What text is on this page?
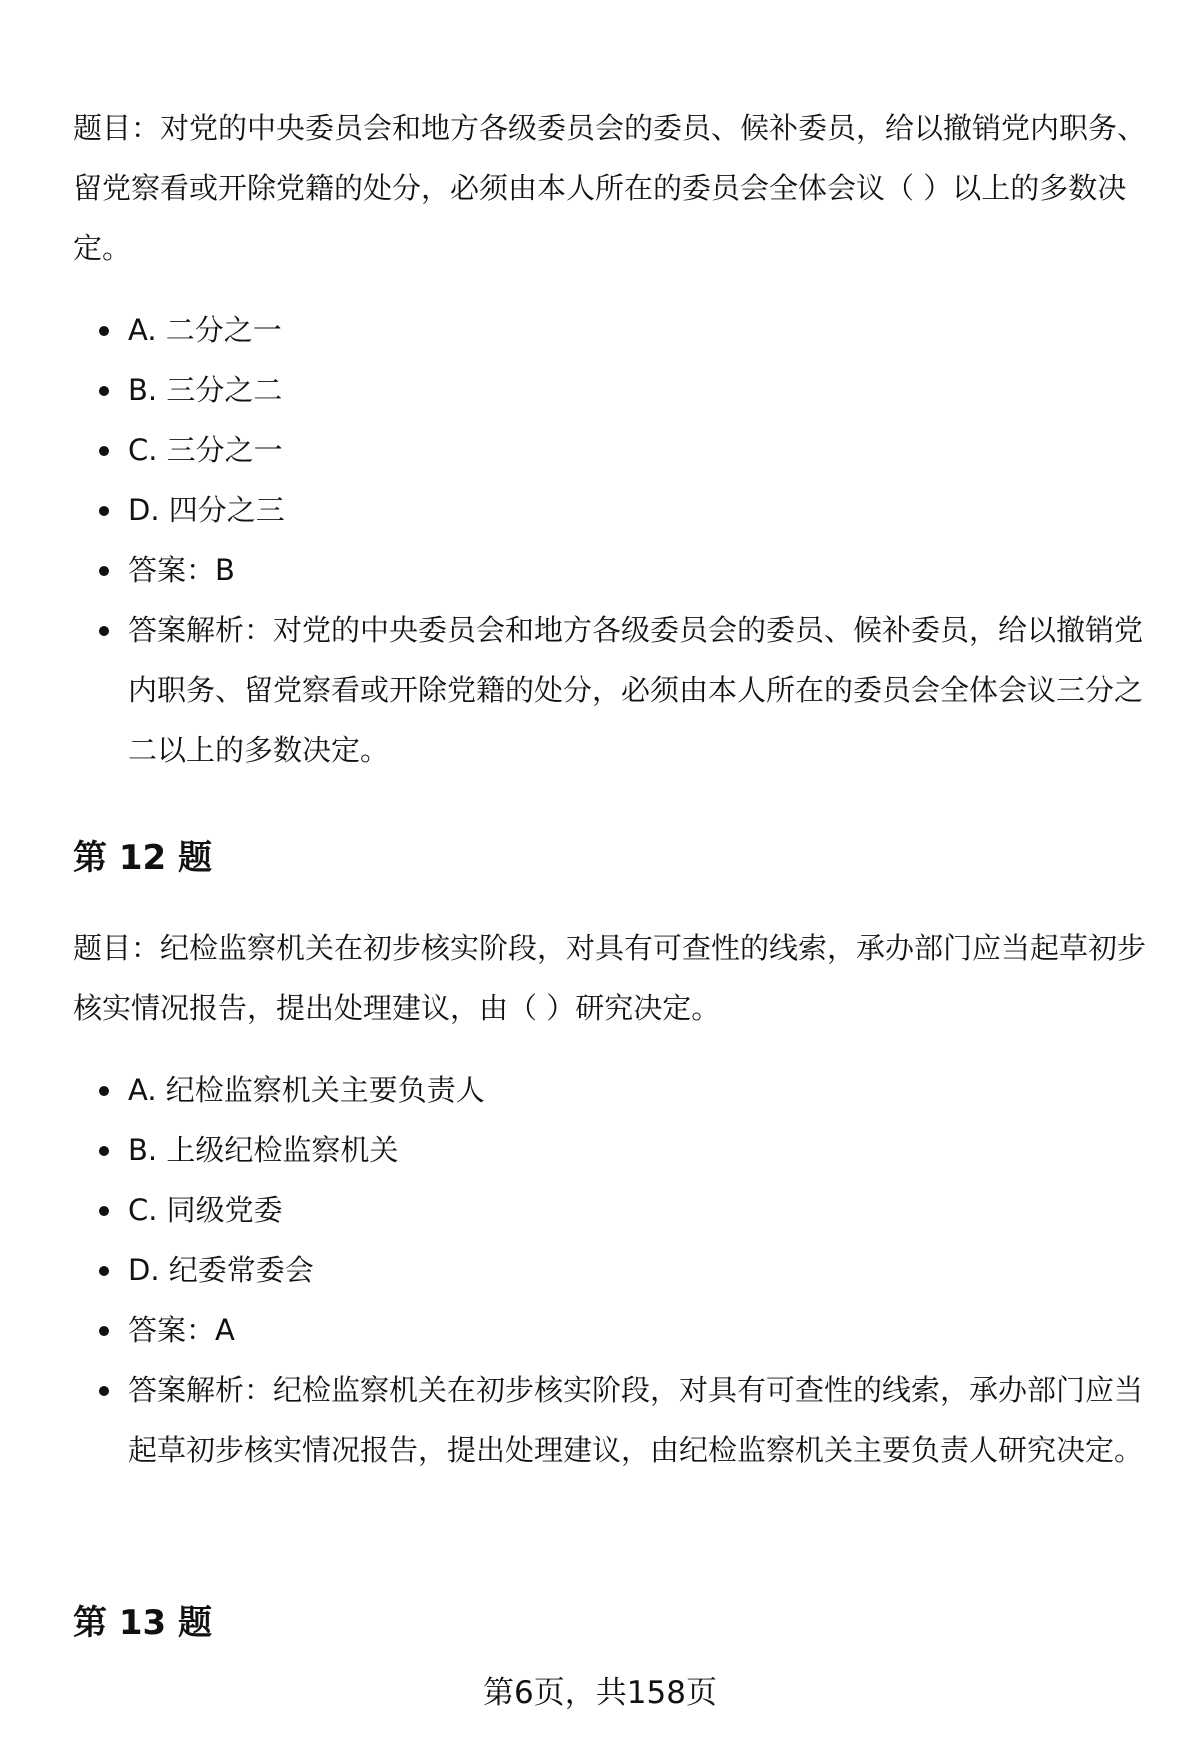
题目：对党的中央委员会和地方各级委员会的委员、候补委员，给以撤销党内职务、留党察看或开除党籍的处分，必须由本人所在的委员会全体会议（ ）以上的多数决定。

A. 二分之一
B. 三分之二
C. 三分之一
D. 四分之三
答案：B
答案解析：对党的中央委员会和地方各级委员会的委员、候补委员，给以撤销党内职务、留党察看或开除党籍的处分，必须由本人所在的委员会全体会议三分之二以上的多数决定。
第 12 题

题目：纪检监察机关在初步核实阶段，对具有可查性的线索，承办部门应当起草初步核实情况报告，提出处理建议，由（ ）研究决定。

A. 纪检监察机关主要负责人
B. 上级纪检监察机关
C. 同级党委
D. 纪委常委会
答案：A
答案解析：纪检监察机关在初步核实阶段，对具有可查性的线索，承办部门应当起草初步核实情况报告，提出处理建议，由纪检监察机关主要负责人研究决定。
第 13 题
第6页，共158页
